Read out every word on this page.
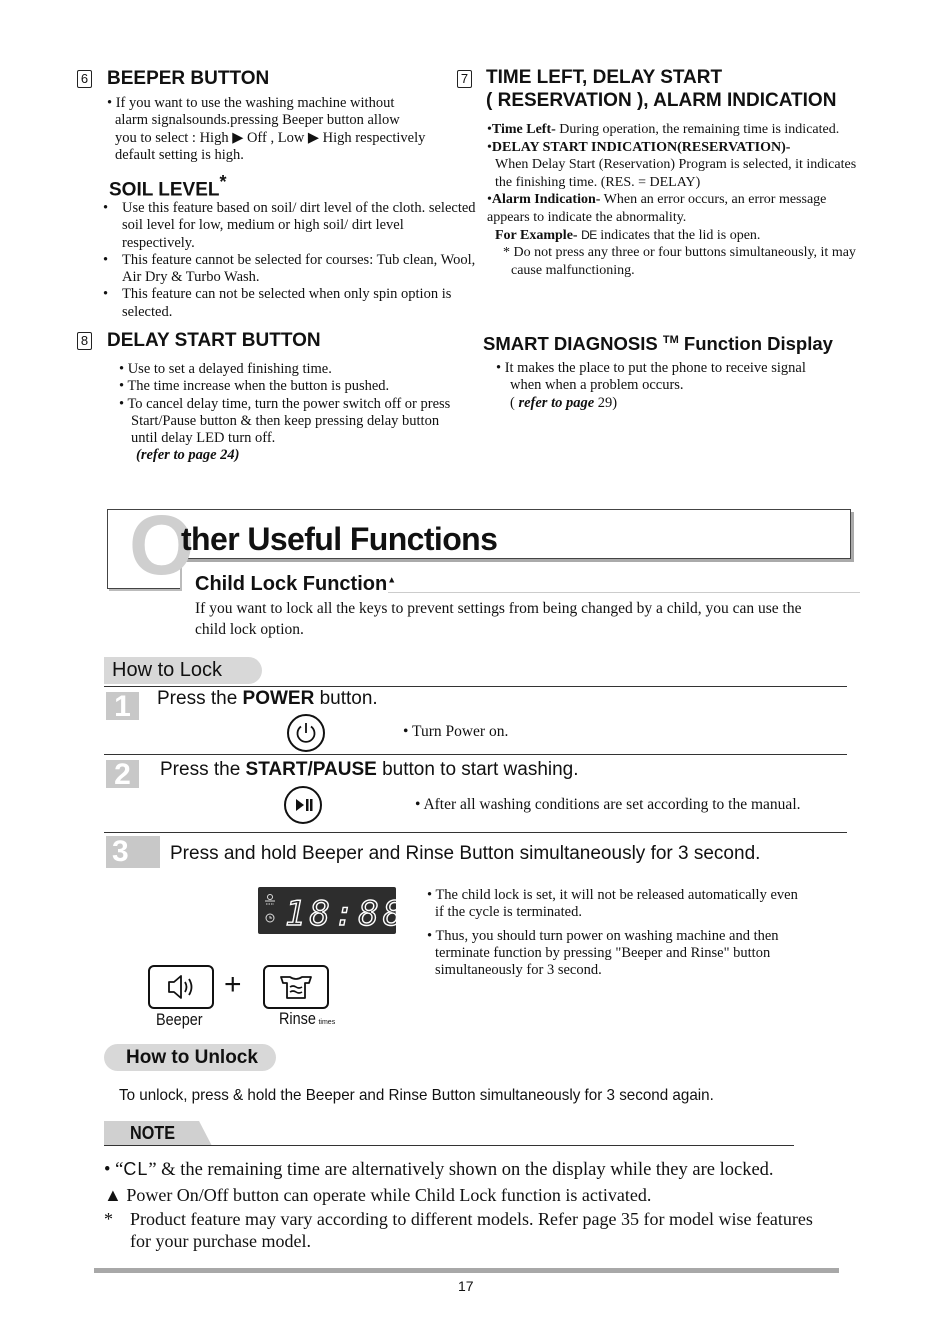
6 BEEPER BUTTON

• If you want to use the washing machine without

alarm signalsounds.pressing Beeper button allow

you to select : High ▶ Off , Low ▶ High respectively

default setting is high.

SOIL LEVEL*
• Use this feature based on soil/ dirt level of the cloth. selected soil level for low, medium or high soil/ dirt level respectively.
• This feature cannot be selected for courses: Tub clean, Wool, Air Dry & Turbo Wash.
• This feature can not be selected when only spin option is selected.
8 DELAY START BUTTON

• Use to set a delayed finishing time.

• The time increase when the button is pushed.

• To cancel delay time, turn the power switch off or press Start/Pause button & then keep pressing delay button until delay LED turn off.

(refer to page 24)

7 TIME LEFT, DELAY START
( RESERVATION ), ALARM INDICATION

•Time Left- During operation, the remaining time is indicated.

•DELAY START INDICATION(RESERVATION)-

When Delay Start (Reservation) Program is selected, it indicates the finishing time. (RES. = DELAY)

•Alarm Indication- When an error occurs, an error message appears to indicate the abnormality.

For Example- DE indicates that the lid is open.

* Do not press any three or four buttons simultaneously, it may cause malfunctioning.

SMART DIAGNOSIS ™ Function Display

• It makes the place to put the phone to receive signal when when a problem occurs.

( refer to page 29)

O
ther Useful Functions
Child Lock Function▲
If you want to lock all the keys to prevent settings from being changed by a child, you can use the child lock option.
How to Lock
1	Press the POWER button.
• Turn Power on.
2	Press the START/PAUSE button to start washing.
• After all washing conditions are set according to the manual.
3	Press and hold Beeper and Rinse Button simultaneously for 3 second.
18:88 • The child lock is set, it will not be released automatically even if the cycle is terminated.

• Thus, you should turn power on washing machine and then terminate function by pressing "Beeper and Rinse" button simultaneously for 3 second.

+
Beeper	Rinse times
How to Unlock
To unlock, press & hold the Beeper and Rinse Button simultaneously for 3 second again.
NOTE
• “CL” & the remaining time are alternatively shown on the display while they are locked.
▲ Power On/Off button can operate while Child Lock function is activated.
* Product feature may vary according to different models. Refer page 35 for model wise features for your purchase model.
17
